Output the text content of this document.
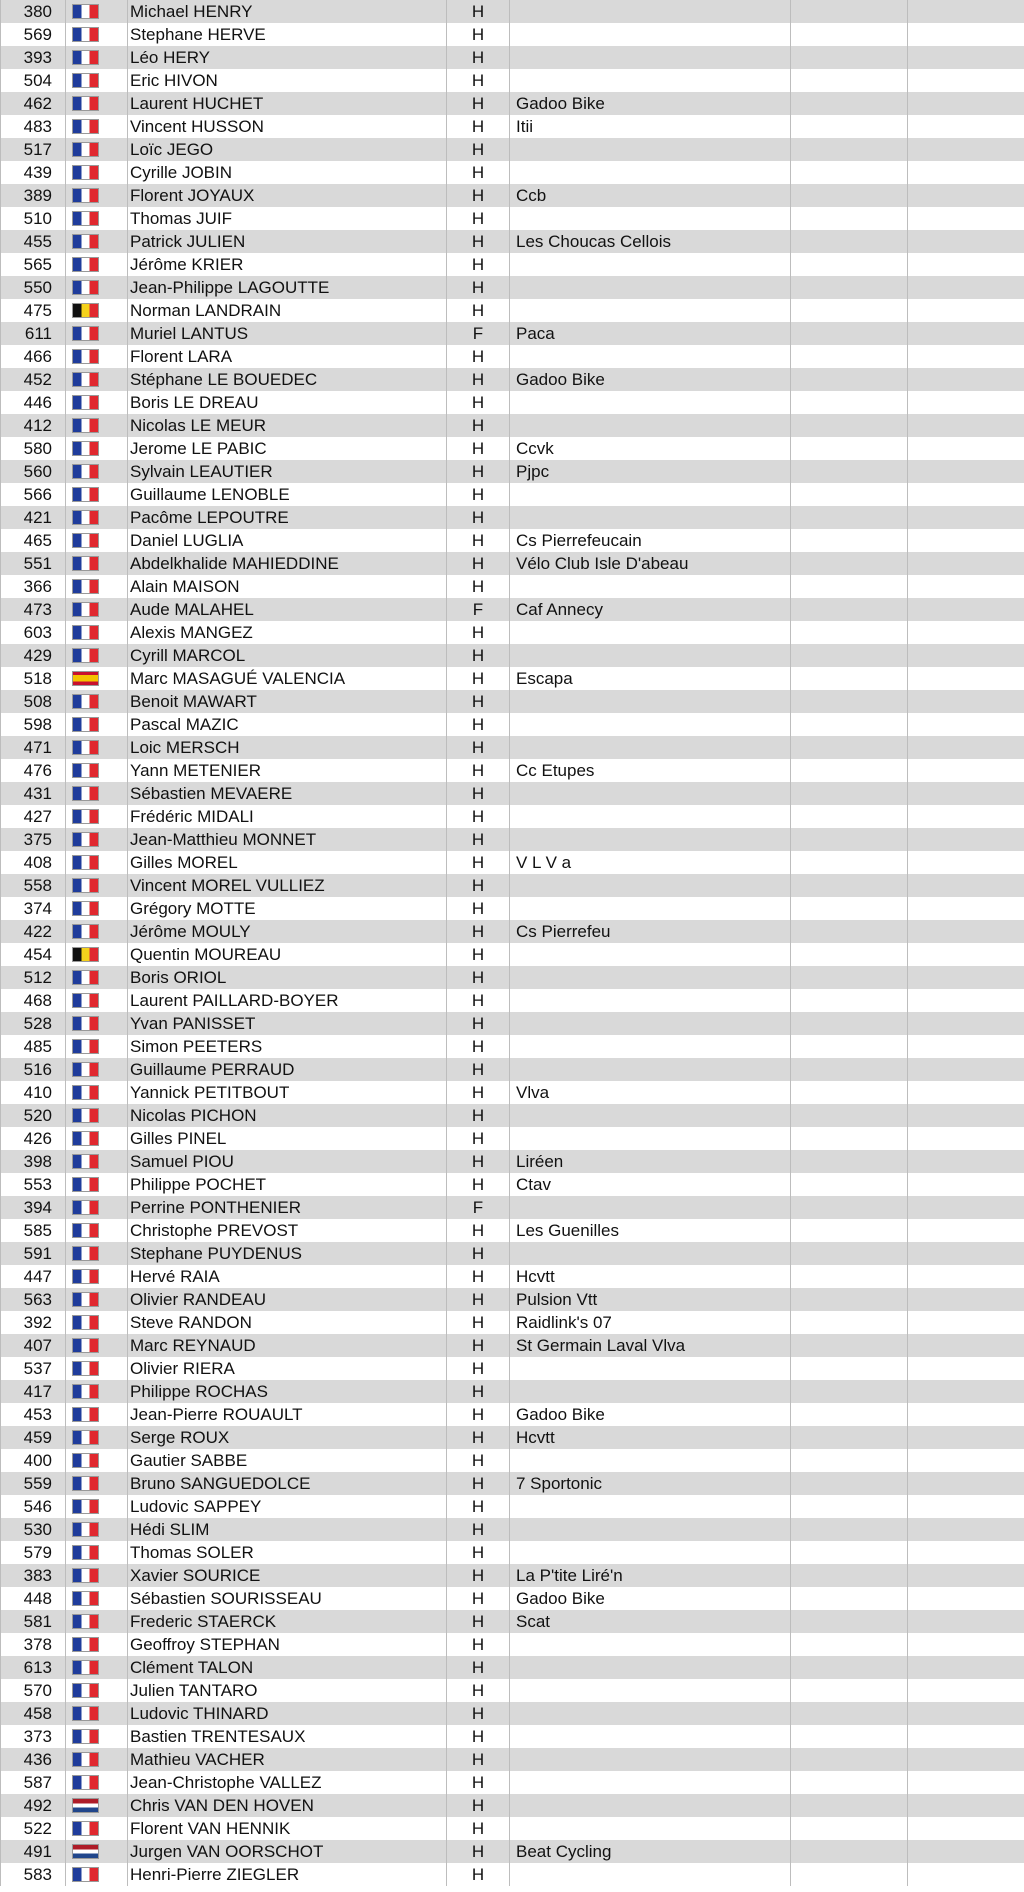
380		Michael HENRY	H			
569		Stephane HERVE	H			
393		Léo HERY	H			
504		Eric HIVON	H			
462		Laurent HUCHET	H	Gadoo Bike		
483		Vincent HUSSON	H	Itii		
517		Loïc JEGO	H			
439		Cyrille JOBIN	H			
389		Florent JOYAUX	H	Ccb		
510		Thomas JUIF	H			
455		Patrick JULIEN	H	Les Choucas Cellois		
565		Jérôme KRIER	H			
550		Jean-Philippe LAGOUTTE	H			
475		Norman LANDRAIN	H			
611		Muriel LANTUS	F	Paca		
466		Florent LARA	H			
452		Stéphane LE BOUEDEC	H	Gadoo Bike		
446		Boris LE DREAU	H			
412		Nicolas LE MEUR	H			
580		Jerome LE PABIC	H	Ccvk		
560		Sylvain LEAUTIER	H	Pjpc		
566		Guillaume LENOBLE	H			
421		Pacôme LEPOUTRE	H			
465		Daniel LUGLIA	H	Cs Pierrefeucain		
551		Abdelkhalide MAHIEDDINE	H	Vélo Club Isle D'abeau		
366		Alain MAISON	H			
473		Aude MALAHEL	F	Caf Annecy		
603		Alexis MANGEZ	H			
429		Cyrill MARCOL	H			
518		Marc MASAGUÉ VALENCIA	H	Escapa		
508		Benoit MAWART	H			
598		Pascal MAZIC	H			
471		Loic MERSCH	H			
476		Yann METENIER	H	Cc Etupes		
431		Sébastien MEVAERE	H			
427		Frédéric MIDALI	H			
375		Jean-Matthieu MONNET	H			
408		Gilles MOREL	H	V L V a		
558		Vincent MOREL VULLIEZ	H			
374		Grégory MOTTE	H			
422		Jérôme MOULY	H	Cs Pierrefeu		
454		Quentin MOUREAU	H			
512		Boris ORIOL	H			
468		Laurent PAILLARD-BOYER	H			
528		Yvan PANISSET	H			
485		Simon PEETERS	H			
516		Guillaume PERRAUD	H			
410		Yannick PETITBOUT	H	Vlva		
520		Nicolas PICHON	H			
426		Gilles PINEL	H			
398		Samuel PIOU	H	Liréen		
553		Philippe POCHET	H	Ctav		
394		Perrine PONTHENIER	F			
585		Christophe PREVOST	H	Les Guenilles		
591		Stephane PUYDENUS	H			
447		Hervé RAIA	H	Hcvtt		
563		Olivier RANDEAU	H	Pulsion Vtt		
392		Steve RANDON	H	Raidlink's 07		
407		Marc REYNAUD	H	St Germain Laval Vlva		
537		Olivier RIERA	H			
417		Philippe ROCHAS	H			
453		Jean-Pierre ROUAULT	H	Gadoo Bike		
459		Serge ROUX	H	Hcvtt		
400		Gautier SABBE	H			
559		Bruno SANGUEDOLCE	H	7 Sportonic		
546		Ludovic SAPPEY	H			
530		Hédi SLIM	H			
579		Thomas SOLER	H			
383		Xavier SOURICE	H	La P'tite Liré'n		
448		Sébastien SOURISSEAU	H	Gadoo Bike		
581		Frederic STAERCK	H	Scat		
378		Geoffroy STEPHAN	H			
613		Clément TALON	H			
570		Julien TANTARO	H			
458		Ludovic THINARD	H			
373		Bastien TRENTESAUX	H			
436		Mathieu VACHER	H			
587		Jean-Christophe VALLEZ	H			
492		Chris VAN DEN HOVEN	H			
522		Florent VAN HENNIK	H			
491		Jurgen VAN OORSCHOT	H	Beat Cycling		
583		Henri-Pierre ZIEGLER	H			
